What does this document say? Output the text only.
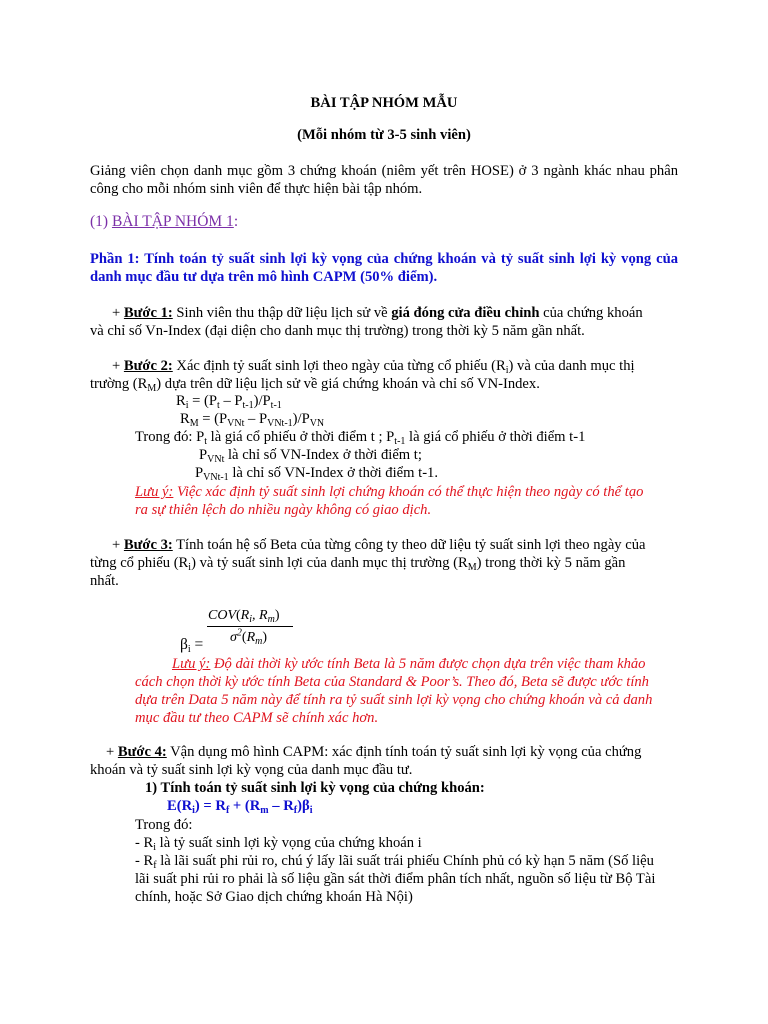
BÀI TẬP NHÓM MẪU
(Mỗi nhóm từ 3-5 sinh viên)
Giảng viên chọn danh mục gồm 3 chứng khoán (niêm yết trên HOSE) ở 3 ngành khác nhau phân
công cho mỗi nhóm sinh viên để thực hiện bài tập nhóm.
(1) BÀI TẬP NHÓM 1:
Phần 1: Tính toán tỷ suất sinh lợi kỳ vọng của chứng khoán và tỷ suất sinh lợi kỳ vọng của
danh mục đầu tư dựa trên mô hình CAPM (50% điểm).
+ Bước 1: Sinh viên thu thập dữ liệu lịch sử về giá đóng cửa điều chỉnh của chứng khoán
và chỉ số Vn-Index (đại diện cho danh mục thị trường) trong thời kỳ 5 năm gần nhất.
+ Bước 2: Xác định tỷ suất sinh lợi theo ngày của từng cổ phiếu $(R_i)$ và của danh mục thị
trường $(R_M)$ dựa trên dữ liệu lịch sử về giá chứng khoán và chỉ số VN-Index.
$R_i = (P_t - P_{t-1})/P_{t-1}$
$R_M = (P_{VNt} - P_{VNt-1})/P_{VN}$
Trong đó: $P_t$ là giá cổ phiếu ở thời điểm t ; $P_{t-1}$ là giá cổ phiếu ở thời điểm t-1
$P_{VNt}$ là chỉ số VN-Index ở thời điểm t;
$P_{VNt-1}$ là chỉ số VN-Index ở thời điểm t-1.
Lưu ý: Việc xác định tỷ suất sinh lợi chứng khoán có thể thực hiện theo ngày có thể tạo
ra sự thiên lệch do nhiều ngày không có giao dịch.
+ Bước 3: Tính toán hệ số Beta của từng công ty theo dữ liệu tỷ suất sinh lợi theo ngày của
từng cổ phiếu $(R_i)$ và tỷ suất sinh lợi của danh mục thị trường $(R_M)$ trong thời kỳ 5 năm gần
nhất.
$COV(R_i$, $R_m$)
$\sigma^2(R_m)$
$\beta_i$ =
Lưu ý: Độ dài thời kỳ ước tính Beta là 5 năm được chọn dựa trên việc tham khảo
cách chọn thời kỳ ước tính Beta của Standard & Poor’s. Theo đó, Beta sẽ được ước tính
dựa trên Data 5 năm này để tính ra tỷ suất sinh lợi kỳ vọng cho chứng khoán và cả danh
mục đầu tư theo CAPM sẽ chính xác hơn.
+ Bước 4: Vận dụng mô hình CAPM: xác định tính toán tỷ suất sinh lợi kỳ vọng của chứng
khoán và tỷ suất sinh lợi kỳ vọng của danh mục đầu tư.
1) Tính toán tỷ suất sinh lợi kỳ vọng của chứng khoán:
$E(R_i) = R_f + (R_m - R_f)\beta_i$
Trong đó:
- $R_i$ là tỷ suất sinh lợi kỳ vọng của chứng khoán i
- $R_f$ là lãi suất phi rủi ro, chú ý lấy lãi suất trái phiếu Chính phủ có kỳ hạn 5 năm (Số liệu
lãi suất phi rủi ro phải là số liệu gần sát thời điểm phân tích nhất, nguồn số liệu từ Bộ Tài
chính, hoặc Sở Giao dịch chứng khoán Hà Nội)
